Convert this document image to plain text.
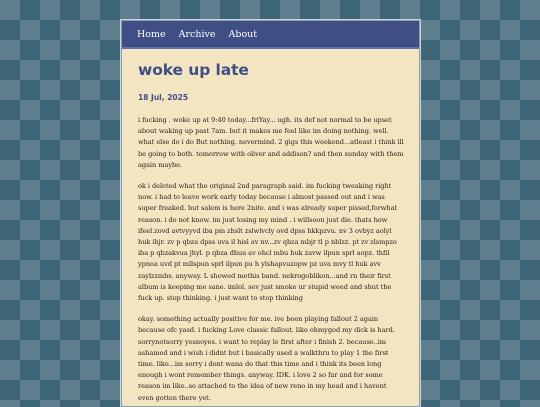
Home Archive About
woke up late
18 Jul, 2025

i fucking . woke up at 9:40 today...friYay... ugh. its def not normal to be upset about waking up past 7am. but it makes me feel like im doing nothing. well. what else do i do But nothing. nevermind. 2 gigs this weekend...atleast i think ill be going to both. tomorrow with oliver and addison? and then sunday with them again maybe.

ok i deleted what the original 2nd paragraph said. im fucking tweaking right now. i had to leave work early today because i almost passed out and i was super freaked. but salem is here 2nite. and i was already super pissed,forwhat reason. i do not know. im just losing my mind . i willsoon just die. thats how ifeel.zovd avtvyyvd iba pm zhslt zslwlvcly ovd dpss hkkpzvu. nv 3 ovbyz aolyl huk ihjr. zv p qbza dpss uva il hisl av nv...zv qbza mbjr tl p nblzz. pt zv zlsmpzo iba p qbzakvua jhyl. p qbza dhua av ohcl mbu huk zavw ilpun sprl aopz. thfil ypnoa uvd pt mllspun sprl ilpun pu h ylshapvuzopw pz uva mvy tl huk avv zaylzzmbs. anyway. L showed methis band. nekrogoblikon...and rn their first album is keeping me sane. imlol. sev just smoke ur stupid weed and shut the fuck up. stop thinking. i just want to stop thinking

okay. something actually positive for me. ive been playing fallout 2 again because ofc yasd. i fucking Love classic fallout. like ohmygod my dick is hard. sorrynotsorry yesnoyes. i want to replay le first after i finish 2. because..im ashamed and i wish i didnt but i basically used a walkthru to play 1 the first time. like...im sorry i dont wana do that this time and i think its been long enough i wont remember things. anyway. IDK. i love 2 so far and for some reason im like..so attached to the idea of new reno in my head and i havent even gotten there yet.
